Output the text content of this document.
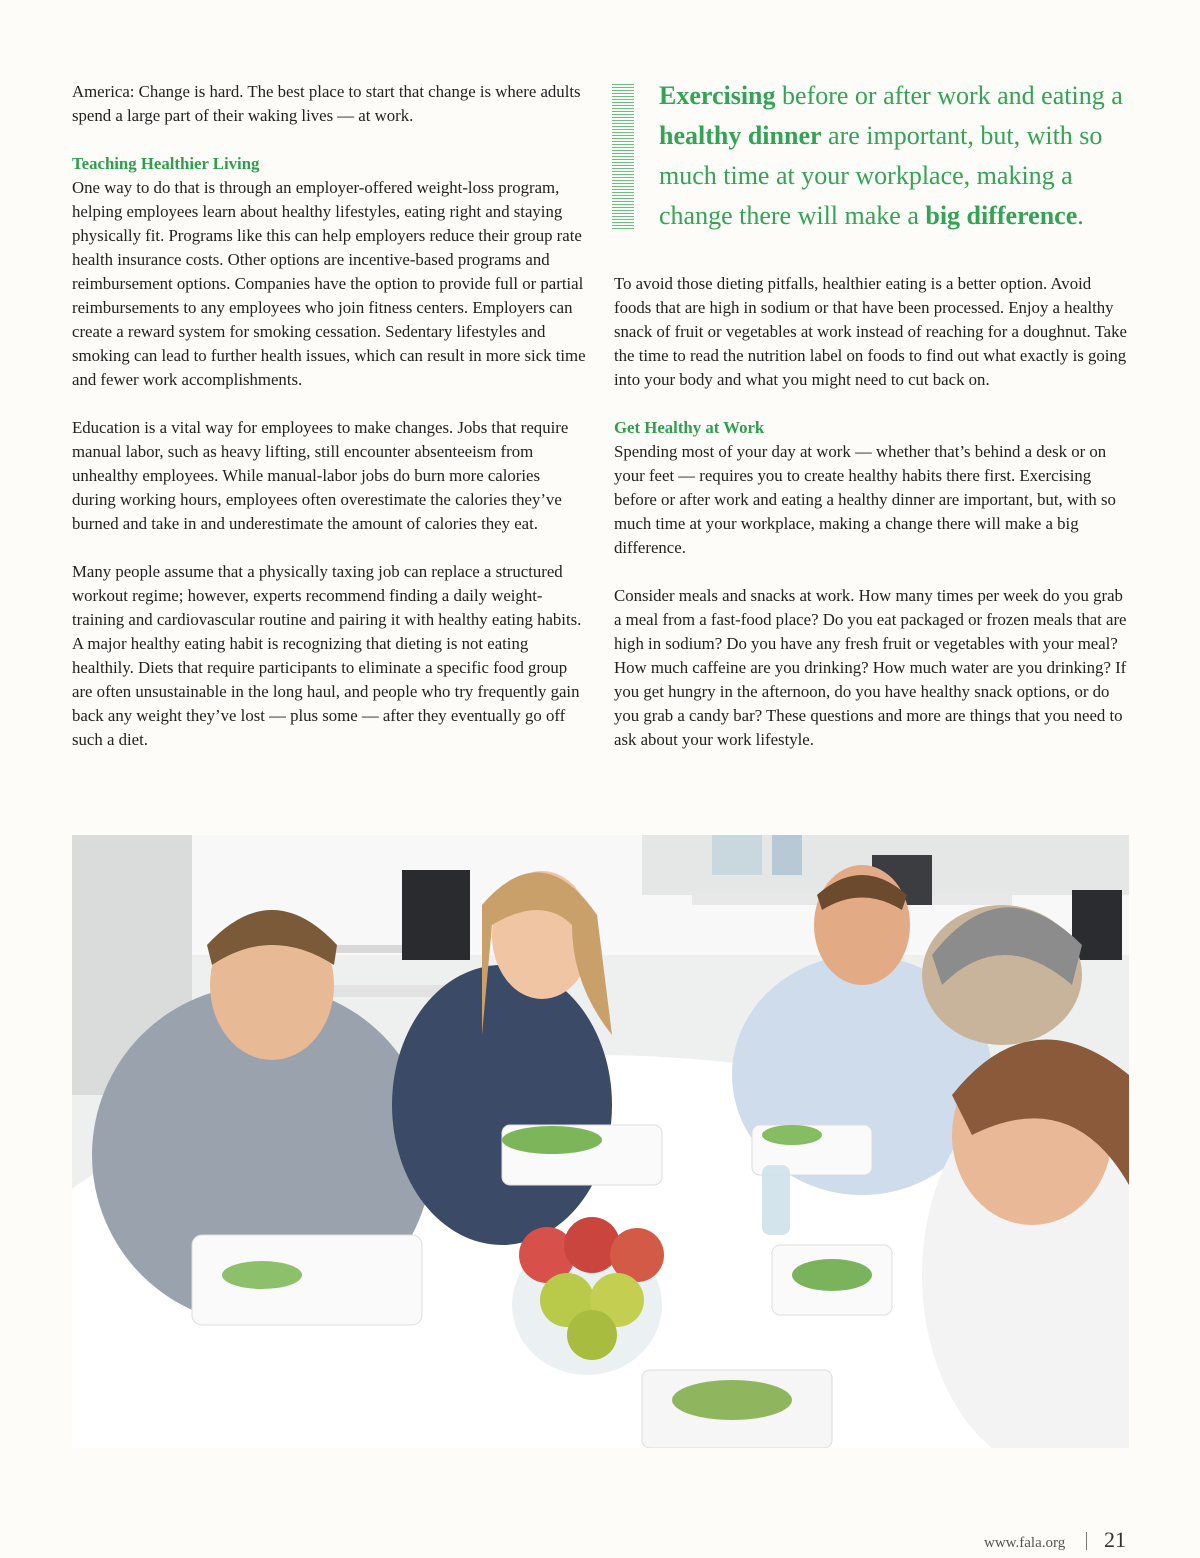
America: Change is hard. The best place to start that change is where adults spend a large part of their waking lives — at work.

Teaching Healthier Living

One way to do that is through an employer-offered weight-loss program, helping employees learn about healthy lifestyles, eating right and staying physically fit. Programs like this can help employers reduce their group rate health insurance costs. Other options are incentive-based programs and reimbursement options. Companies have the option to provide full or partial reimbursements to any employees who join fitness centers. Employers can create a reward system for smoking cessation. Sedentary lifestyles and smoking can lead to further health issues, which can result in more sick time and fewer work accomplishments.

Education is a vital way for employees to make changes. Jobs that require manual labor, such as heavy lifting, still encounter absenteeism from unhealthy employees. While manual-labor jobs do burn more calories during working hours, employees often overestimate the calories they’ve burned and take in and underestimate the amount of calories they eat.

Many people assume that a physically taxing job can replace a structured workout regime; however, experts recommend finding a daily weight-training and cardiovascular routine and pairing it with healthy eating habits. A major healthy eating habit is recognizing that dieting is not eating healthily. Diets that require participants to eliminate a specific food group are often unsustainable in the long haul, and people who try frequently gain back any weight they’ve lost — plus some — after they eventually go off such a diet.

Exercising before or after work and eating a healthy dinner are important, but, with so much time at your workplace, making a change there will make a big difference.

To avoid those dieting pitfalls, healthier eating is a better option. Avoid foods that are high in sodium or that have been processed. Enjoy a healthy snack of fruit or vegetables at work instead of reaching for a doughnut. Take the time to read the nutrition label on foods to find out what exactly is going into your body and what you might need to cut back on.

Get Healthy at Work

Spending most of your day at work — whether that’s behind a desk or on your feet — requires you to create healthy habits there first. Exercising before or after work and eating a healthy dinner are important, but, with so much time at your workplace, making a change there will make a big difference.

Consider meals and snacks at work. How many times per week do you grab a meal from a fast-food place? Do you eat packaged or frozen meals that are high in sodium? Do you have any fresh fruit or vegetables with your meal? How much caffeine are you drinking? How much water are you drinking? If you get hungry in the afternoon, do you have healthy snack options, or do you grab a candy bar? These questions and more are things that you need to ask about your work lifestyle.

www.fala.org 21
